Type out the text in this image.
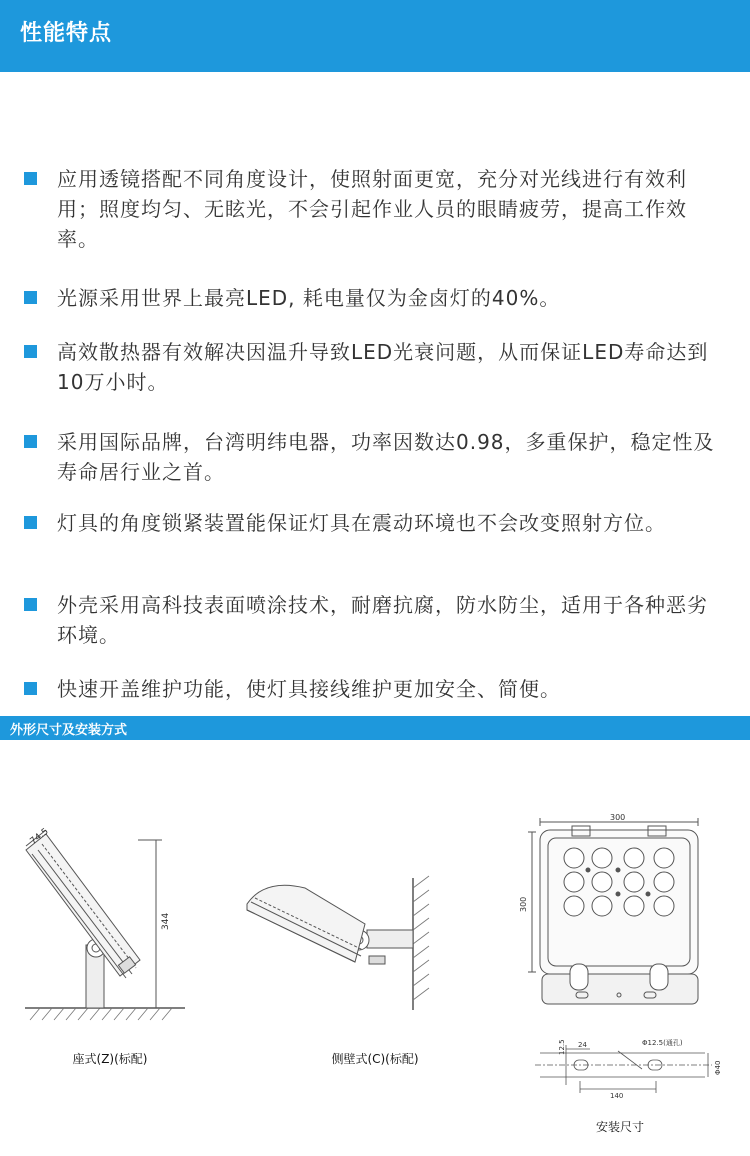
性能特点
应用透镜搭配不同角度设计，使照射面更宽，充分对光线进行有效利用；照度均匀、无眩光，不会引起作业人员的眼睛疲劳，提高工作效率。
光源采用世界上最亮LED, 耗电量仅为金卤灯的40%。
高效散热器有效解决因温升导致LED光衰问题，从而保证LED寿命达到10万小时。
采用国际品牌，台湾明纬电器，功率因数达0.98，多重保护，稳定性及寿命居行业之首。
灯具的角度锁紧装置能保证灯具在震动环境也不会改变照射方位。
外壳采用高科技表面喷涂技术，耐磨抗腐，防水防尘，适用于各种恶劣环境。
快速开盖维护功能，使灯具接线维护更加安全、简便。
外形尺寸及安装方式
74.5
344
座式(Z)(标配)	侧壁式(C)(标配)
300
300
12.5 24	Φ12.5(通孔)
140
Φ40
安装尺寸
